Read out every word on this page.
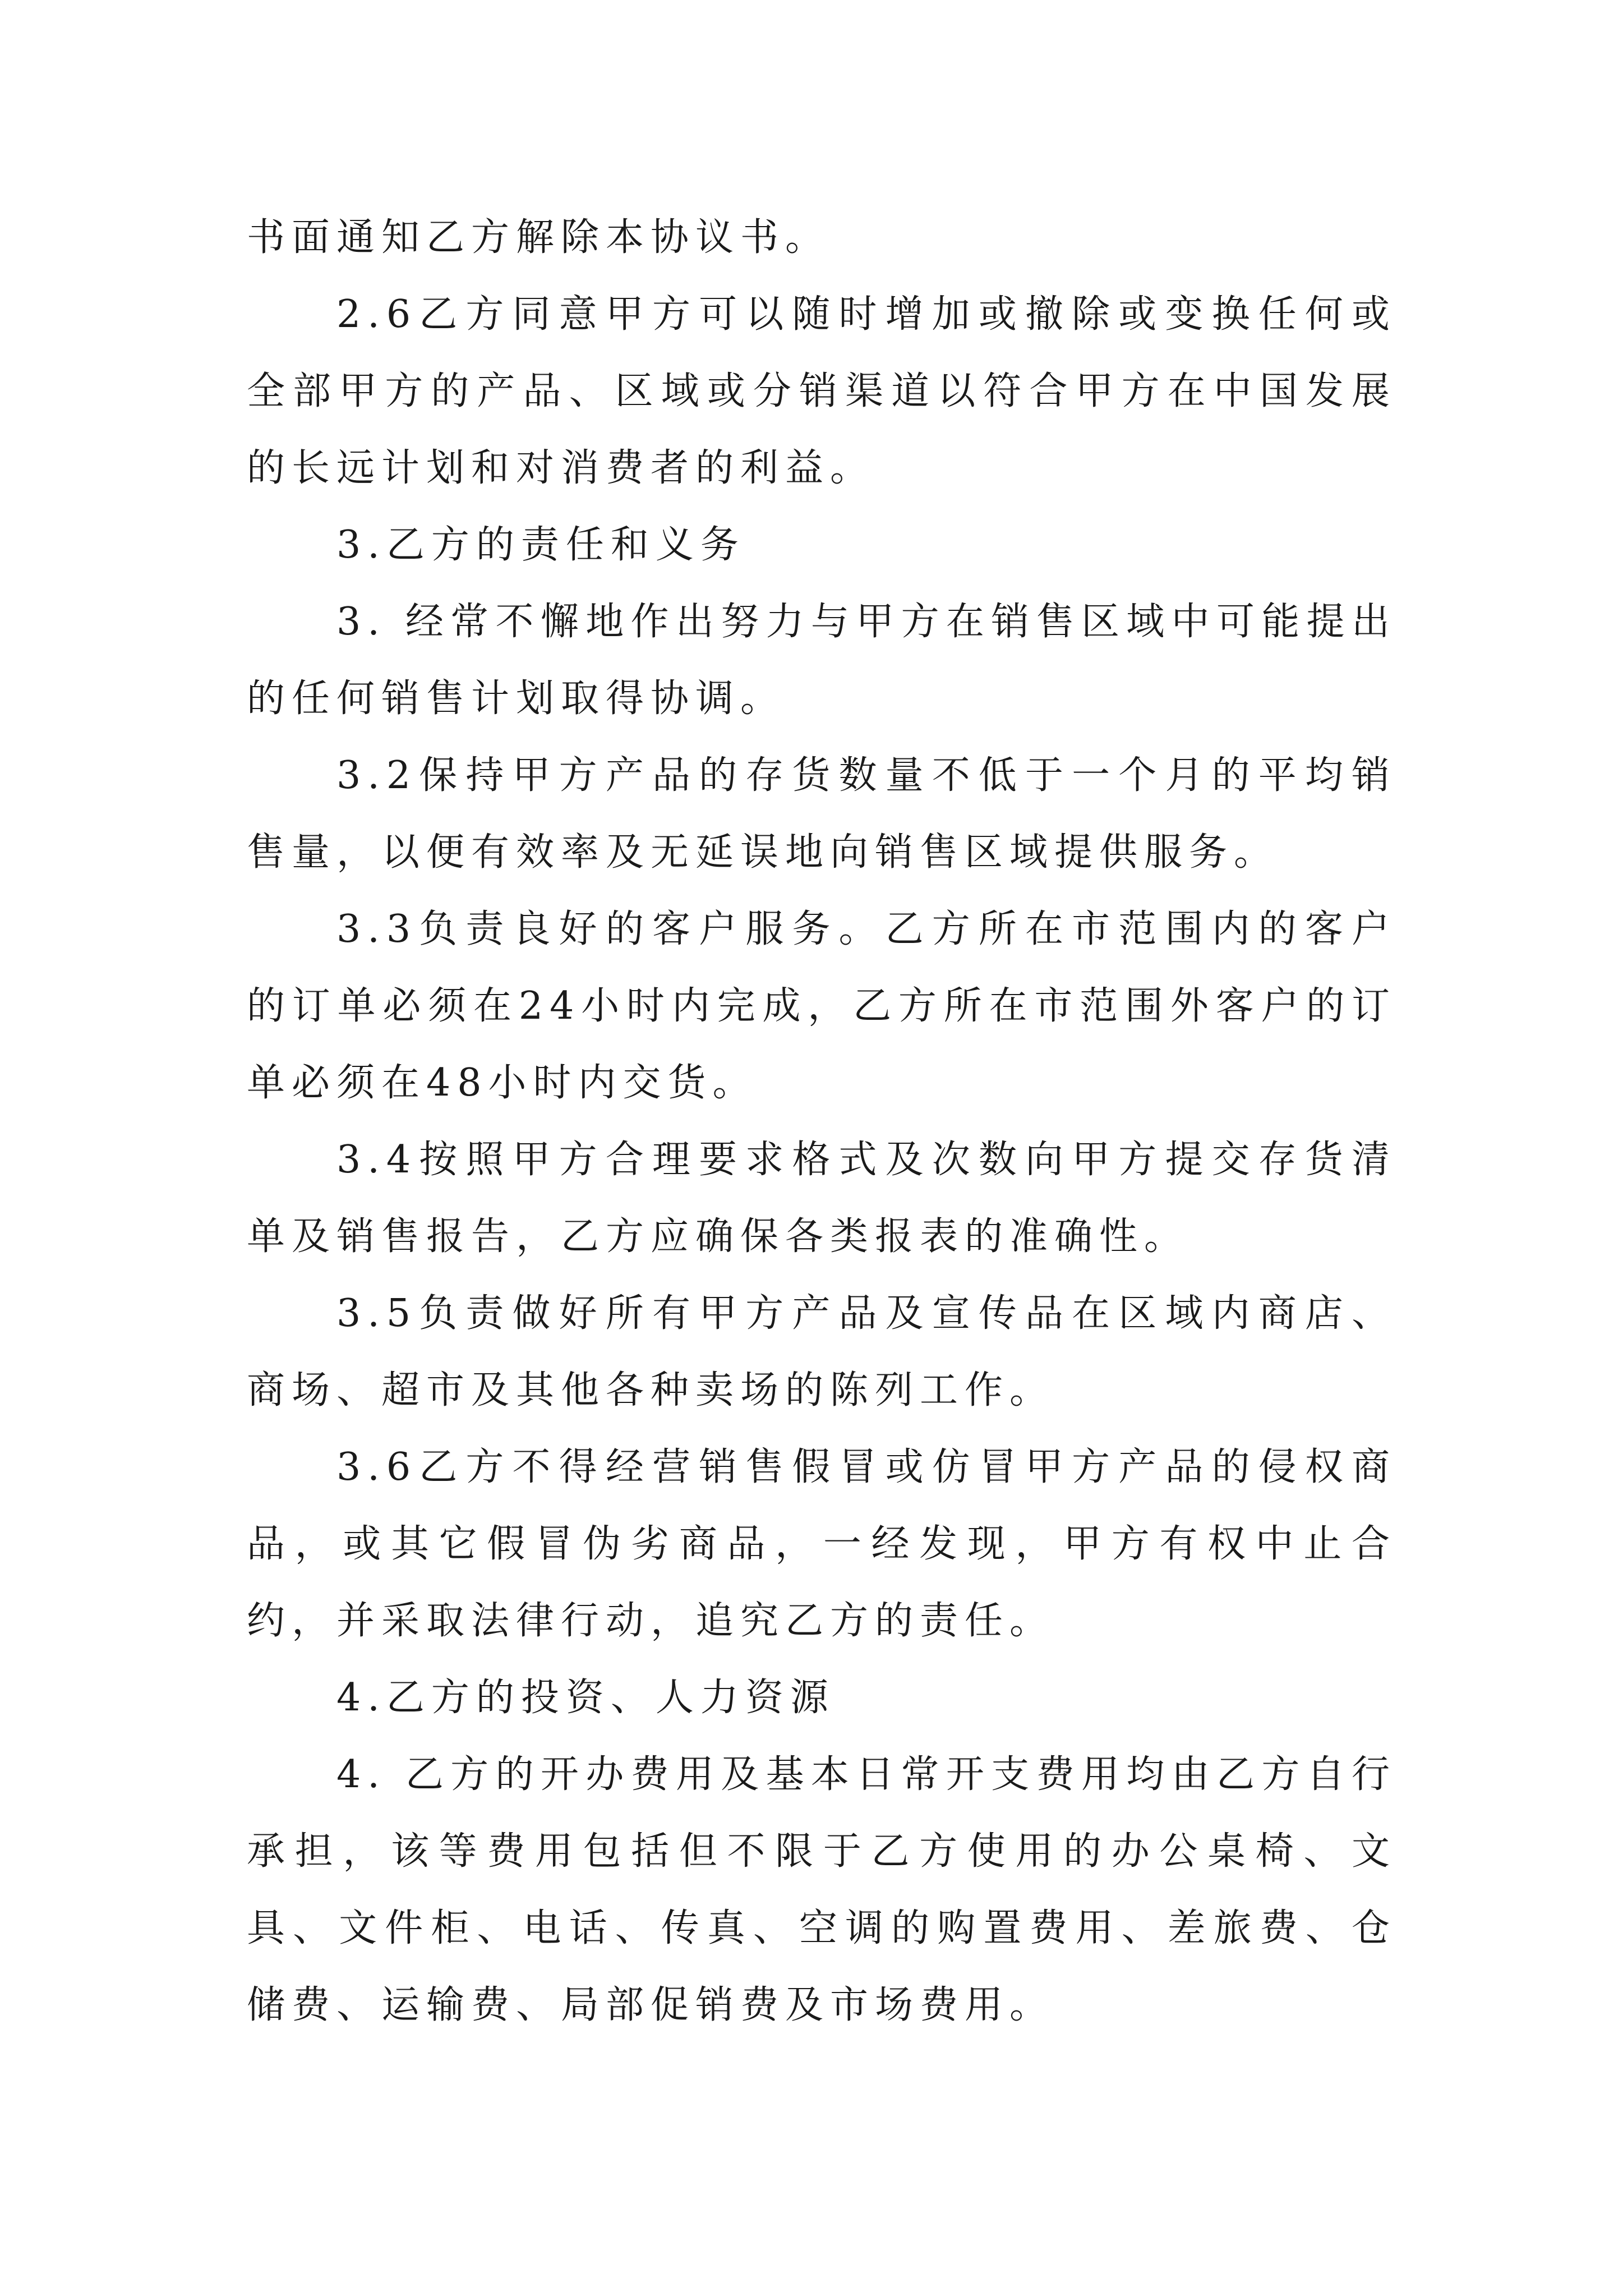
书面通知乙方解除本协议书。

2.6乙方同意甲方可以随时增加或撤除或变换任何或全部甲方的产品、区域或分销渠道以符合甲方在中国发展的长远计划和对消费者的利益。

3.乙方的责任和义务

3. 经常不懈地作出努力与甲方在销售区域中可能提出的任何销售计划取得协调。

3.2保持甲方产品的存货数量不低于一个月的平均销售量，以便有效率及无延误地向销售区域提供服务。

3.3负责良好的客户服务。乙方所在市范围内的客户的订单必须在24小时内完成，乙方所在市范围外客户的订单必须在48小时内交货。

3.4按照甲方合理要求格式及次数向甲方提交存货清单及销售报告，乙方应确保各类报表的准确性。

3.5负责做好所有甲方产品及宣传品在区域内商店、商场、超市及其他各种卖场的陈列工作。

3.6乙方不得经营销售假冒或仿冒甲方产品的侵权商品，或其它假冒伪劣商品，一经发现，甲方有权中止合约，并采取法律行动，追究乙方的责任。

4.乙方的投资、人力资源

4. 乙方的开办费用及基本日常开支费用均由乙方自行承担，该等费用包括但不限于乙方使用的办公桌椅、文具、文件柜、电话、传真、空调的购置费用、差旅费、仓储费、运输费、局部促销费及市场费用。
